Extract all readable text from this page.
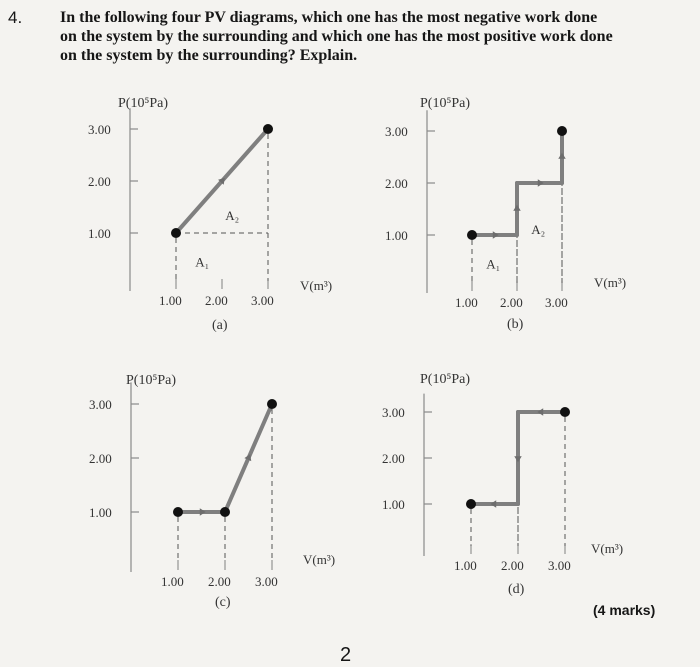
4. In the following four PV diagrams, which one has the most negative work done
on the system by the surrounding and which one has the most positive work done
on the system by the surrounding? Explain.
P(10⁵Pa)
V(m³)
3.00
2.00
1.00
1.00 2.00 3.00
A₁
A₂
(a)
P(10⁵Pa)
V(m³)
3.00
2.00
1.00
1.00 2.00 3.00
A₁
A₂
(b)
P(10⁵Pa)
V(m³)
3.00
2.00
1.00
1.00 2.00 3.00
(c)
P(10⁵Pa)
V(m³)
3.00
2.00
1.00
1.00 2.00 3.00
(d)
(4 marks)
2
